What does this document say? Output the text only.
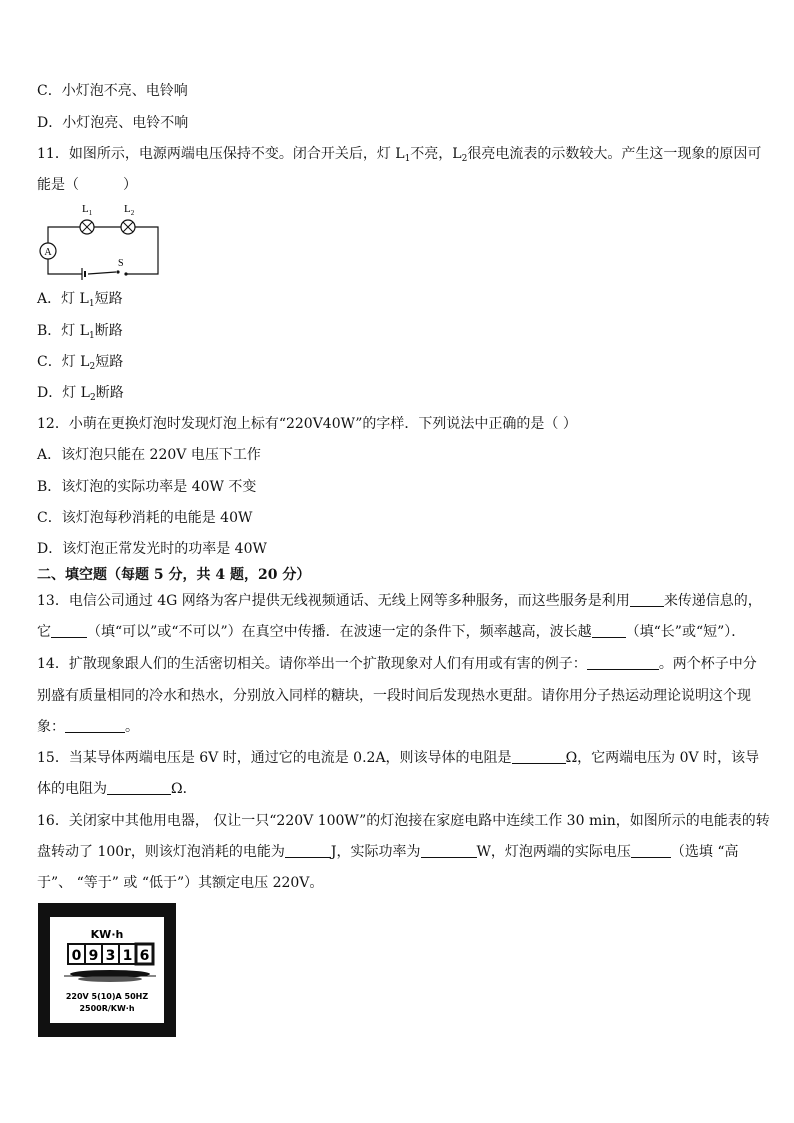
C．小灯泡不亮、电铃响
D．小灯泡亮、电铃不响
11．如图所示，电源两端电压保持不变。闭合开关后，灯 $L_1$不亮，$L_2$很亮电流表的示数较大。产生这一现象的原因可
能是（	）
A
$L_1$	$L_2$
S
A．灯 $L_1$短路
B．灯 $L_1$断路
C．灯 $L_2$短路
D．灯 $L_2$断路
12．小萌在更换灯泡时发现灯泡上标有“220V40W”的字样．下列说法中正确的是（ ）
A．该灯泡只能在 220V 电压下工作
B．该灯泡的实际功率是 40W 不变
C．该灯泡每秒消耗的电能是 40W
D．该灯泡正常发光时的功率是 40W
二、填空题（每题 5 分，共 4 题，20 分）
13．电信公司通过 4G 网络为客户提供无线视频通话、无线上网等多种服务，而这些服务是利用 来传递信息的，
它	（填“可以”或“不可以”）在真空中传播．在波速一定的条件下，频率越高，波长越 （填“长”或“短”）．
14．扩散现象跟人们的生活密切相关。请你举出一个扩散现象对人们有用或有害的例子：	。两个杯子中分
别盛有质量相同的冷水和热水，分别放入同样的糖块，一段时间后发现热水更甜。请你用分子热运动理论说明这个现
象：	。
15．当某导体两端电压是 6V 时，通过它的电流是 0.2A，则该导体的电阻是	Ω，它两端电压为 0V 时，该导
体的电阻为	Ω．
16．关闭家中其他用电器， 仅让一只“220V 100W”的灯泡接在家庭电路中连续工作 30 min，如图所示的电能表的转
盘转动了 100r，则该灯泡消耗的电能为	J，实际功率为	W，灯泡两端的实际电压	（选填 “高
于”、 “等于” 或 “低于”）其额定电压 220V。
KW·h
0 9 3 1 6
220V 5(10)A 50HZ
2500R/KW·h
